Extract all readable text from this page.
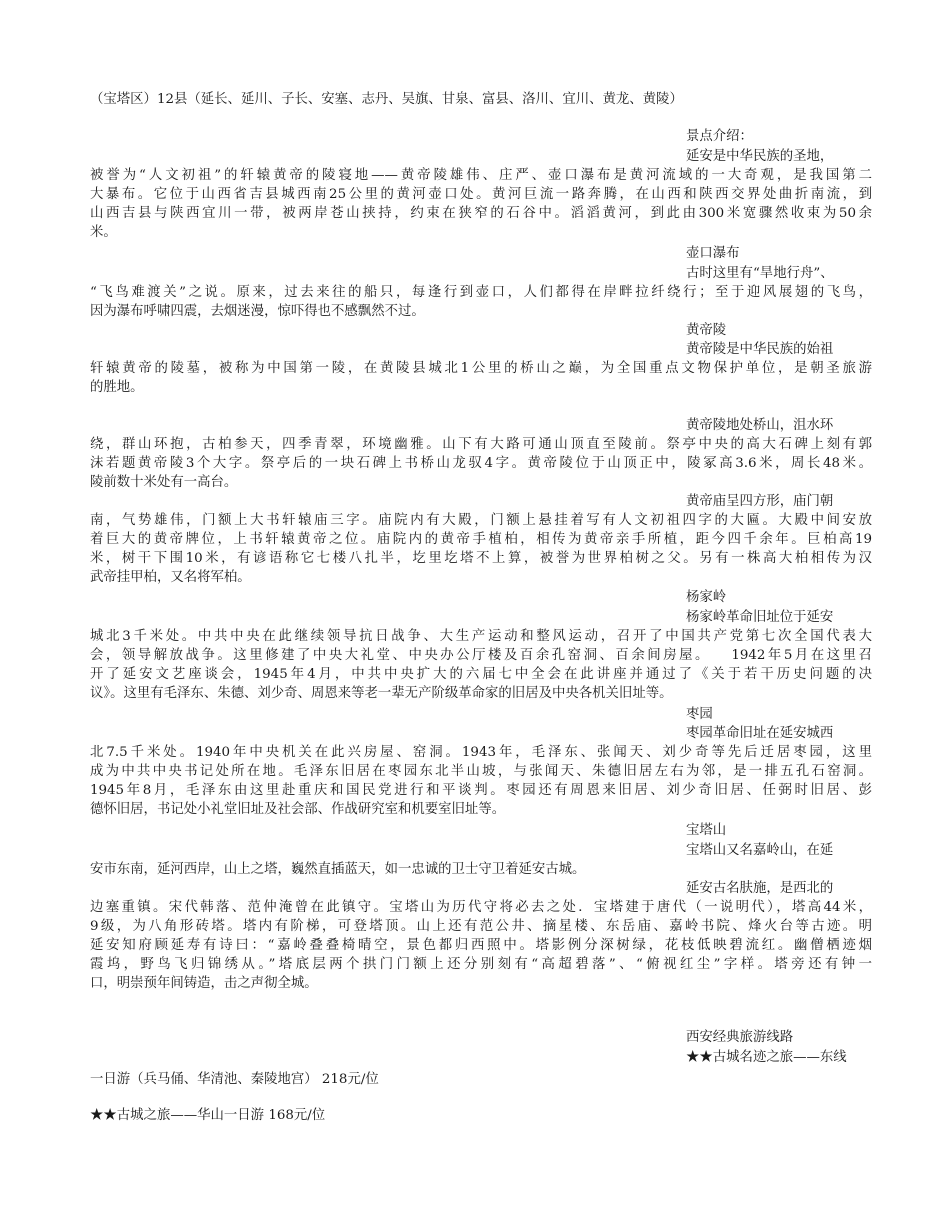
（宝塔区）12县（延长、延川、子长、安塞、志丹、吴旗、甘泉、富县、洛川、宜川、黄龙、黄陵）
景点介绍：
延安是中华民族的圣地，
被誉为“人文初祖”的轩辕黄帝的陵寝地——黄帝陵雄伟、庄严、壶口瀑布是黄河流域的一大奇观，是我国第二
大暴布。它位于山西省吉县城西南25公里的黄河壶口处。黄河巨流一路奔腾，在山西和陕西交界处曲折南流，到
山西吉县与陕西宜川一带，被两岸苍山挟持，约束在狭窄的石谷中。滔滔黄河，到此由300米宽骤然收束为50余
米。
壶口瀑布
古时这里有“旱地行舟”、
“飞鸟难渡关”之说。原来，过去来往的船只，每逢行到壶口，人们都得在岸畔拉纤绕行；至于迎风展翅的飞鸟，
因为瀑布呼啸四震，去烟迷漫，惊吓得也不感飘然不过。
黄帝陵
黄帝陵是中华民族的始祖
轩辕黄帝的陵墓，被称为中国第一陵，在黄陵县城北1公里的桥山之巅，为全国重点文物保护单位，是朝圣旅游
的胜地。
黄帝陵地处桥山，沮水环
绕，群山环抱，古柏参天，四季青翠，环境幽雅。山下有大路可通山顶直至陵前。祭亭中央的高大石碑上刻有郭
沫若题黄帝陵3个大字。祭亭后的一块石碑上书桥山龙驭4字。黄帝陵位于山顶正中，陵冢高3.6米，周长48米。
陵前数十米处有一高台。
黄帝庙呈四方形，庙门朝
南，气势雄伟，门额上大书轩辕庙三字。庙院内有大殿，门额上悬挂着写有人文初祖四字的大匾。大殿中间安放
着巨大的黄帝牌位，上书轩辕黄帝之位。庙院内的黄帝手植柏，相传为黄帝亲手所植，距今四千余年。巨柏高19
米，树干下围10米，有谚语称它七楼八扎半，圪里圪塔不上算，被誉为世界柏树之父。另有一株高大柏相传为汉
武帝挂甲柏，又名将军柏。
杨家岭
杨家岭革命旧址位于延安
城北3千米处。中共中央在此继续领导抗日战争、大生产运动和整风运动，召开了中国共产党第七次全国代表大
会，领导解放战争。这里修建了中央大礼堂、中央办公厅楼及百余孔窑洞、百余间房屋。   1942年5月在这里召
开了延安文艺座谈会，1945年4月，中共中央扩大的六届七中全会在此讲座并通过了《关于若干历史问题的决
议》。这里有毛泽东、朱德、刘少奇、周恩来等老一辈无产阶级革命家的旧居及中央各机关旧址等。
枣园
枣园革命旧址在延安城西
北7.5千米处。1940年中央机关在此兴房屋、窑洞。1943年，毛泽东、张闻天、刘少奇等先后迁居枣园，这里
成为中共中央书记处所在地。毛泽东旧居在枣园东北半山坡，与张闻天、朱德旧居左右为邻，是一排五孔石窑洞。
1945年8月，毛泽东由这里赴重庆和国民党进行和平谈判。枣园还有周恩来旧居、刘少奇旧居、任弼时旧居、彭
德怀旧居，书记处小礼堂旧址及社会部、作战研究室和机要室旧址等。
宝塔山
宝塔山又名嘉岭山，在延
安市东南，延河西岸，山上之塔，巍然直插蓝天，如一忠诚的卫士守卫着延安古城。
延安古名肤施，是西北的
边塞重镇。宋代韩落、范仲淹曾在此镇守。宝塔山为历代守将必去之处．宝塔建于唐代（一说明代），塔高44米，
9级，为八角形砖塔。塔内有阶梯，可登塔顶。山上还有范公井、摘星楼、东岳庙、嘉岭书院、烽火台等古迹。明
延安知府顾延寿有诗曰：“嘉岭叠叠椅晴空，景色都归西照中。塔影例分深树绿，花枝低映碧流红。幽僧栖迹烟
霞坞，野鸟飞归锦绣从。”塔底层两个拱门门额上还分别刻有“高超碧落”、“俯视红尘”字样。塔旁还有钟一
口，明崇预年间铸造，击之声彻全城。
西安经典旅游线路
★★古城名迹之旅——东线
一日游（兵马俑、华清池、秦陵地宫） 218元/位
★★古城之旅——华山一日游 168元/位
